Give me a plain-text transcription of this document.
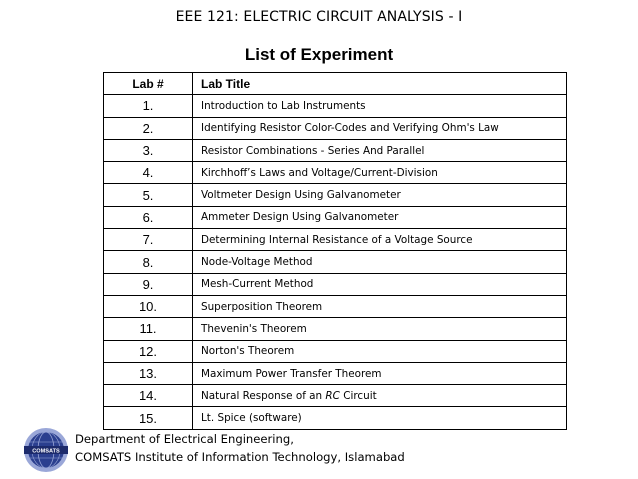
EEE 121: ELECTRIC CIRCUIT ANALYSIS - I
List of Experiment
Lab #	Lab Title
1.	Introduction to Lab Instruments
2.	Identifying Resistor Color-Codes and Verifying Ohm's Law
3.	Resistor Combinations - Series And Parallel
4.	Kirchhoff’s Laws and Voltage/Current-Division
5.	Voltmeter Design Using Galvanometer
6.	Ammeter Design Using Galvanometer
7.	Determining Internal Resistance of a Voltage Source
8.	Node-Voltage Method
9.	Mesh-Current Method
10.	Superposition Theorem
11.	Thevenin's Theorem
12.	Norton's Theorem
13.	Maximum Power Transfer Theorem
14.	Natural Response of an RC Circuit
15.	Lt. Spice (software)
COMSATS
Department of Electrical Engineering,
COMSATS Institute of Information Technology, Islamabad
